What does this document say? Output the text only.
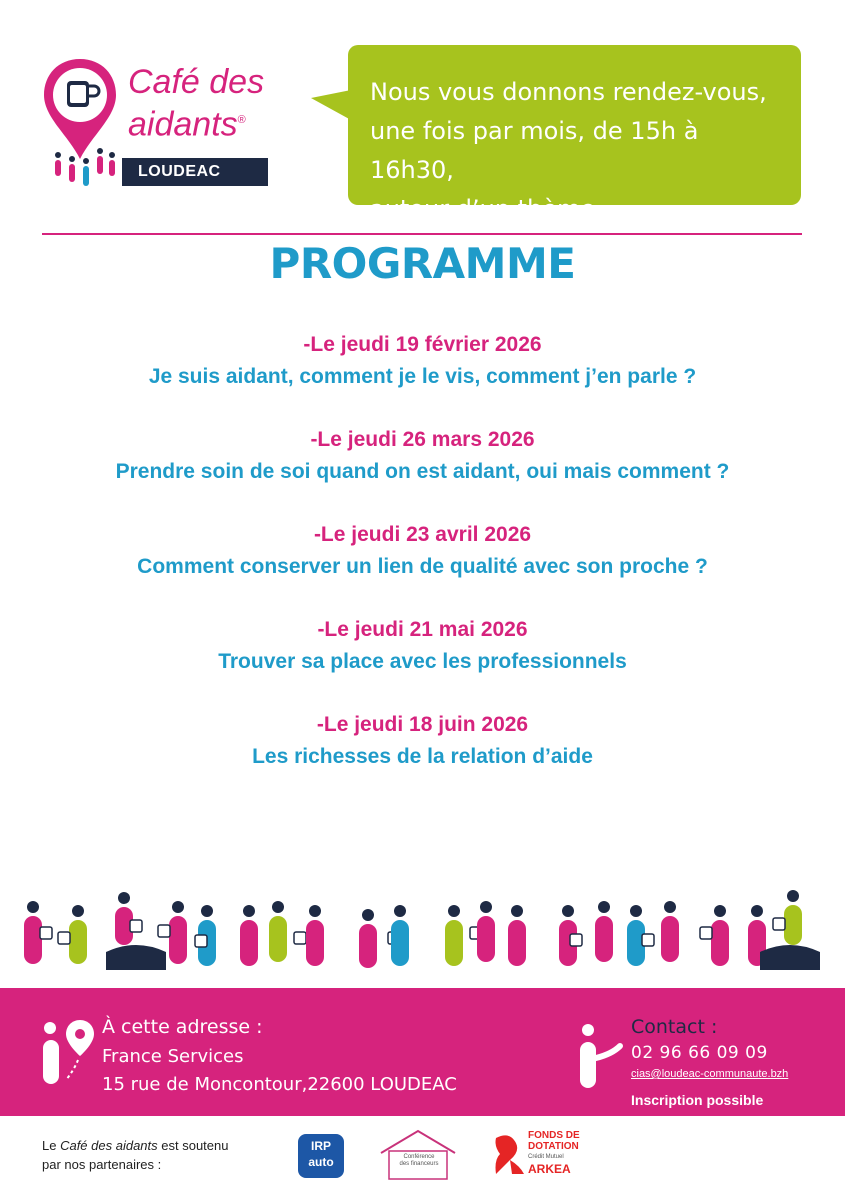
Café des
aidants®
LOUDEAC

Nous vous donnons rendez-vous,

une fois par mois, de 15h à 16h30,

autour d’un thème.

PROGRAMME
-Le jeudi 19 février 2026
Je suis aidant, comment je le vis, comment j’en parle ?
-Le jeudi 26 mars 2026
Prendre soin de soi quand on est aidant, oui mais comment ?
-Le jeudi 23 avril 2026
Comment conserver un lien de qualité avec son proche ?
-Le jeudi 21 mai 2026
Trouver sa place avec les professionnels
-Le jeudi 18 juin 2026
Les richesses de la relation d’aide
À cette adresse :
France Services
15 rue de Moncontour,22600 LOUDEAC
Contact :
02 96 66 09 09
cias@loudeac-communaute.bzh
Inscription possible
Le Café des aidants est soutenu
par nos partenaires :
IRP
auto	Conférence
des financeurs
FONDS DE
DOTATION
Crédit Mutuel
ARKEA
